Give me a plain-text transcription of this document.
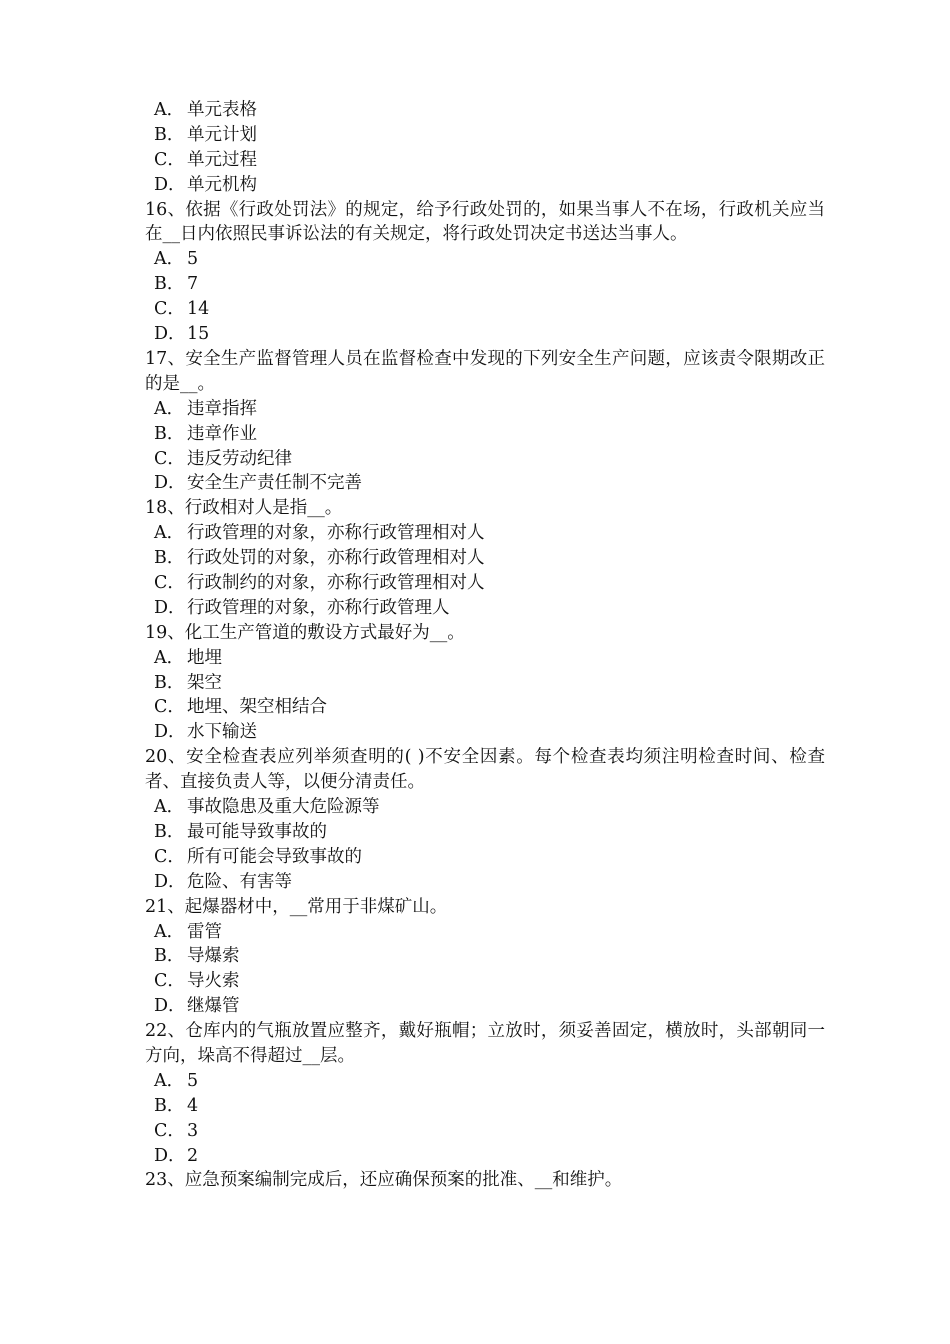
A． 单元表格
B． 单元计划
C． 单元过程
D．单元机构
16、依据《行政处罚法》的规定，给予行政处罚的，如果当事人不在场，行政机关应当在__日内依照民事诉讼法的有关规定，将行政处罚决定书送达当事人。
A． 5
B． 7
C． 14
D．15
17、安全生产监督管理人员在监督检查中发现的下列安全生产问题，应该责令限期改正的是__。
A． 违章指挥
B． 违章作业
C． 违反劳动纪律
D．安全生产责任制不完善
18、行政相对人是指__。
A． 行政管理的对象，亦称行政管理相对人
B． 行政处罚的对象，亦称行政管理相对人
C． 行政制约的对象，亦称行政管理相对人
D．行政管理的对象，亦称行政管理人
19、化工生产管道的敷设方式最好为__。
A． 地埋
B． 架空
C． 地埋、架空相结合
D．水下输送
20、安全检查表应列举须查明的( )不安全因素。每个检查表均须注明检查时间、检查者、直接负责人等，以便分清责任。
A． 事故隐患及重大危险源等
B． 最可能导致事故的
C． 所有可能会导致事故的
D．危险、有害等
21、起爆器材中，__常用于非煤矿山。
A． 雷管
B． 导爆索
C． 导火索
D．继爆管
22、仓库内的气瓶放置应整齐，戴好瓶帽；立放时，须妥善固定，横放时，头部朝同一方向，垛高不得超过__层。
A． 5
B． 4
C． 3
D．2
23、应急预案编制完成后，还应确保预案的批准、__和维护。
